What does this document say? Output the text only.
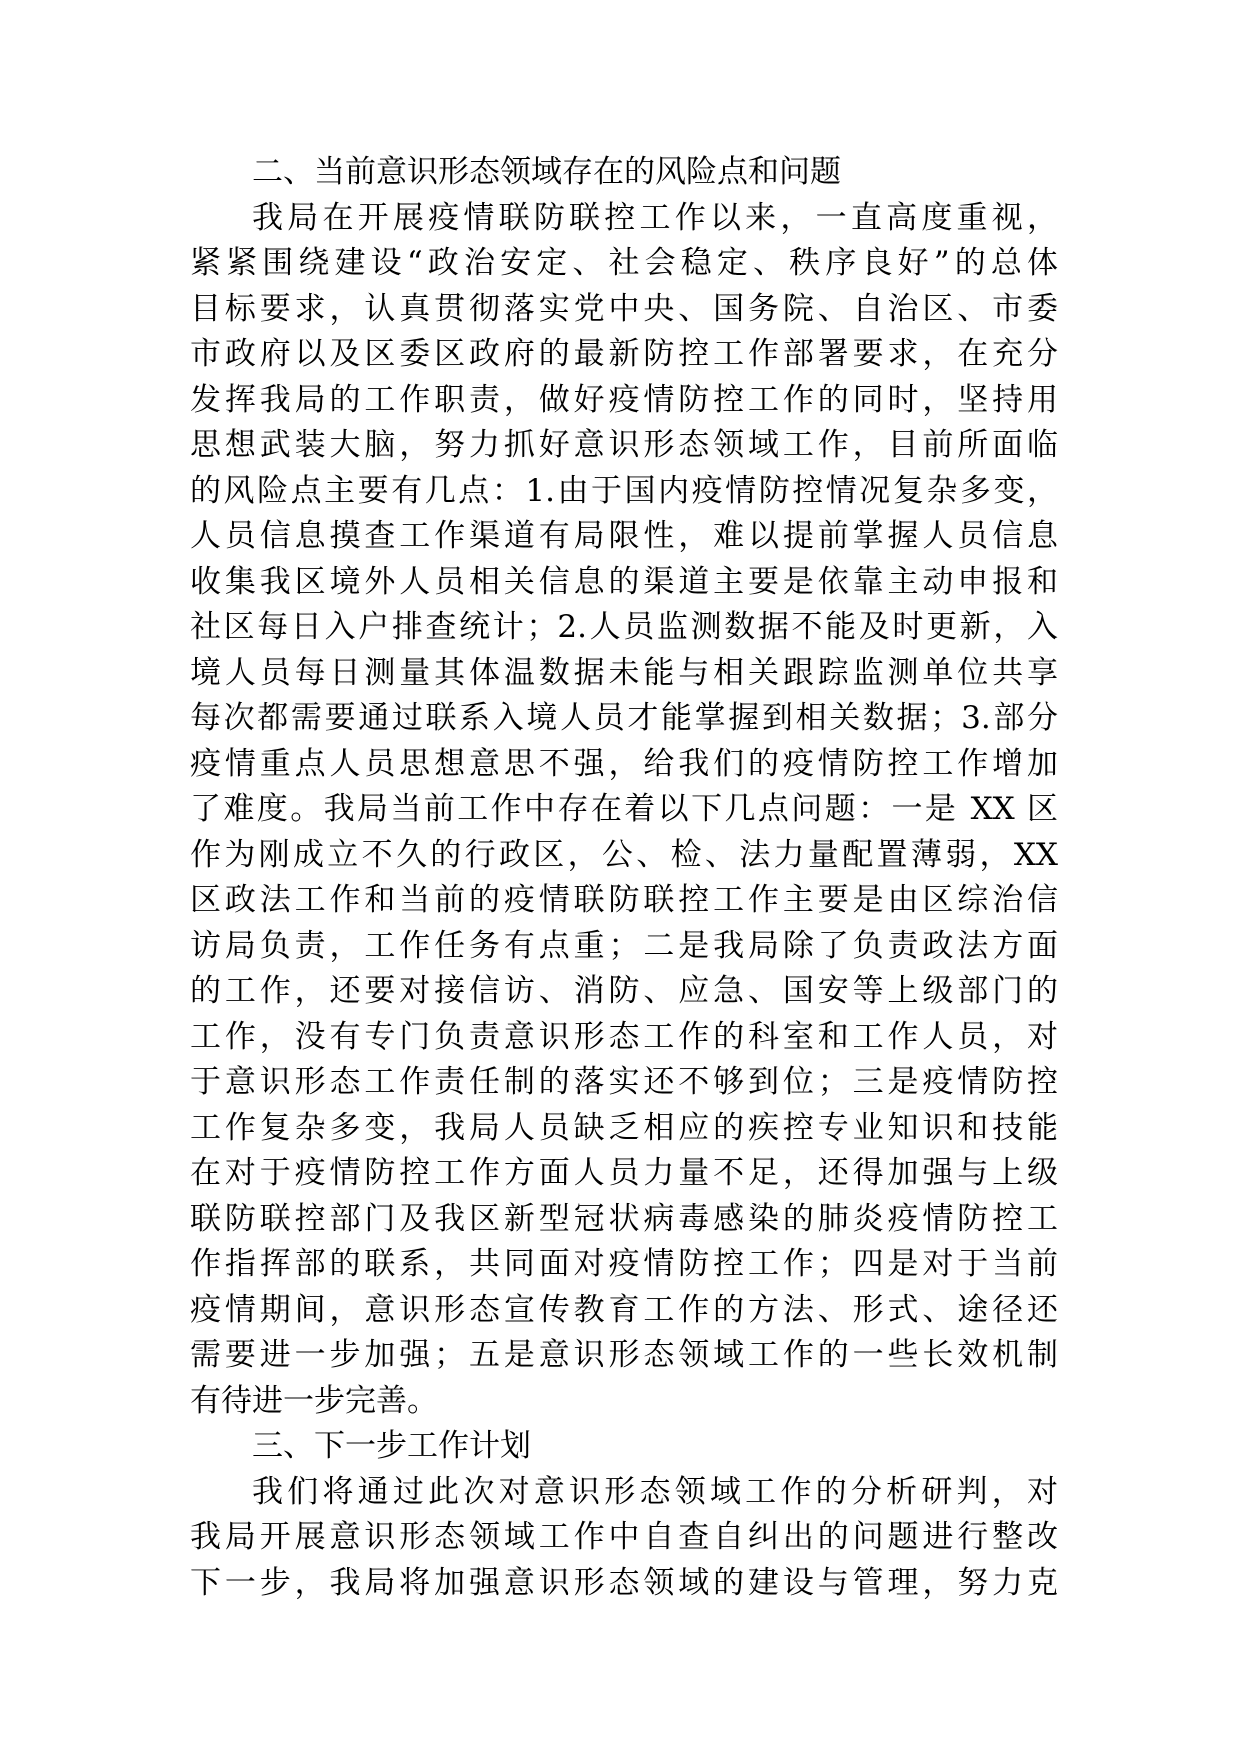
二、当前意识形态领域存在的风险点和问题
我局在开展疫情联防联控工作以来，一直高度重视，
紧紧围绕建设“政治安定、社会稳定、秩序良好”的总体
目标要求，认真贯彻落实党中央、国务院、自治区、市委
市政府以及区委区政府的最新防控工作部署要求，在充分
发挥我局的工作职责，做好疫情防控工作的同时，坚持用
思想武装大脑，努力抓好意识形态领域工作，目前所面临
的风险点主要有几点：1.由于国内疫情防控情况复杂多变，
人员信息摸查工作渠道有局限性，难以提前掌握人员信息
收集我区境外人员相关信息的渠道主要是依靠主动申报和
社区每日入户排查统计；2.人员监测数据不能及时更新，入
境人员每日测量其体温数据未能与相关跟踪监测单位共享
每次都需要通过联系入境人员才能掌握到相关数据；3.部分
疫情重点人员思想意思不强，给我们的疫情防控工作增加
了难度。我局当前工作中存在着以下几点问题：一是 XX 区
作为刚成立不久的行政区，公、检、法力量配置薄弱，XX
区政法工作和当前的疫情联防联控工作主要是由区综治信
访局负责，工作任务有点重；二是我局除了负责政法方面
的工作，还要对接信访、消防、应急、国安等上级部门的
工作，没有专门负责意识形态工作的科室和工作人员，对
于意识形态工作责任制的落实还不够到位；三是疫情防控
工作复杂多变，我局人员缺乏相应的疾控专业知识和技能
在对于疫情防控工作方面人员力量不足，还得加强与上级
联防联控部门及我区新型冠状病毒感染的肺炎疫情防控工
作指挥部的联系，共同面对疫情防控工作；四是对于当前
疫情期间，意识形态宣传教育工作的方法、形式、途径还
需要进一步加强；五是意识形态领域工作的一些长效机制
有待进一步完善。
三、下一步工作计划
我们将通过此次对意识形态领域工作的分析研判，对
我局开展意识形态领域工作中自查自纠出的问题进行整改
下一步，我局将加强意识形态领域的建设与管理，努力克
